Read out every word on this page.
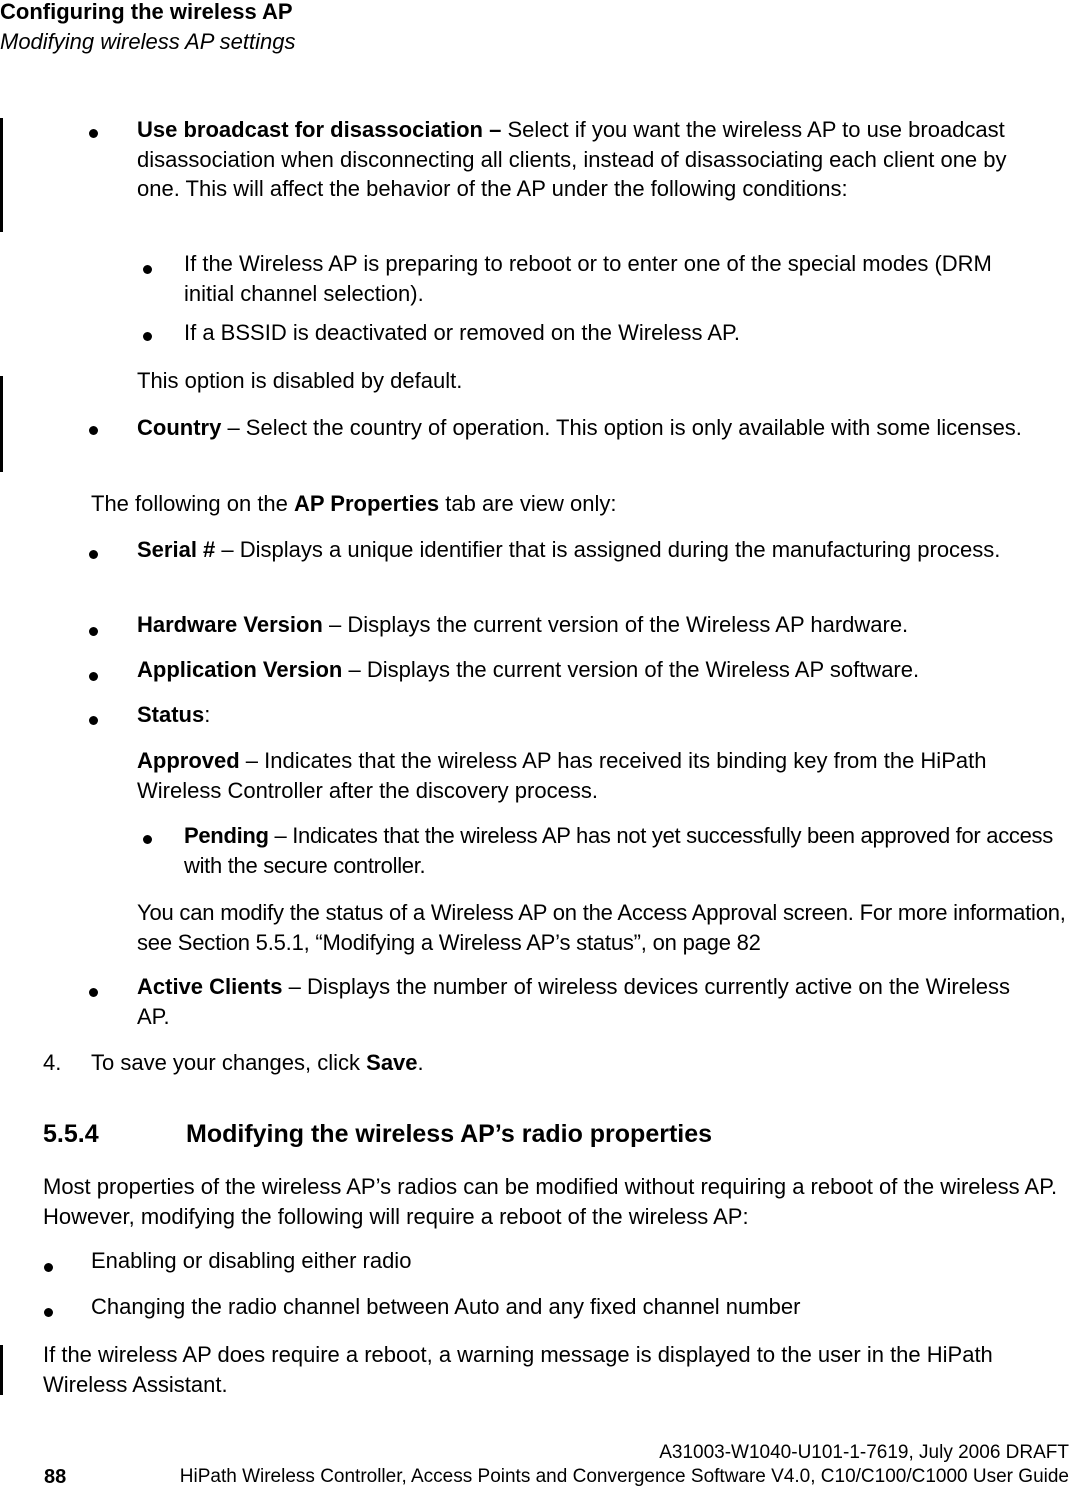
Configuring the wireless AP
Modifying wireless AP settings
Use broadcast for disassociation – Select if you want the wireless AP to use broadcast disassociation when disconnecting all clients, instead of disassociating each client one by one. This will affect the behavior of the AP under the following conditions:
If the Wireless AP is preparing to reboot or to enter one of the special modes (DRM initial channel selection).
If a BSSID is deactivated or removed on the Wireless AP.
This option is disabled by default.
Country – Select the country of operation. This option is only available with some licenses.
The following on the AP Properties tab are view only:
Serial # – Displays a unique identifier that is assigned during the manufacturing process.
Hardware Version – Displays the current version of the Wireless AP hardware.
Application Version – Displays the current version of the Wireless AP software.
Status:
Approved – Indicates that the wireless AP has received its binding key from the HiPath Wireless Controller after the discovery process.
Pending – Indicates that the wireless AP has not yet successfully been approved for access with the secure controller.
You can modify the status of a Wireless AP on the Access Approval screen. For more information, see Section 5.5.1, “Modifying a Wireless AP’s status”, on page 82
Active Clients – Displays the number of wireless devices currently active on the Wireless AP.
4. To save your changes, click Save.
5.5.4	Modifying the wireless AP’s radio properties
Most properties of the wireless AP’s radios can be modified without requiring a reboot of the wireless AP. However, modifying the following will require a reboot of the wireless AP:
Enabling or disabling either radio
Changing the radio channel between Auto and any fixed channel number
If the wireless AP does require a reboot, a warning message is displayed to the user in the HiPath Wireless Assistant.
A31003-W1040-U101-1-7619, July 2006 DRAFT
88	HiPath Wireless Controller, Access Points and Convergence Software V4.0, C10/C100/C1000 User Guide
